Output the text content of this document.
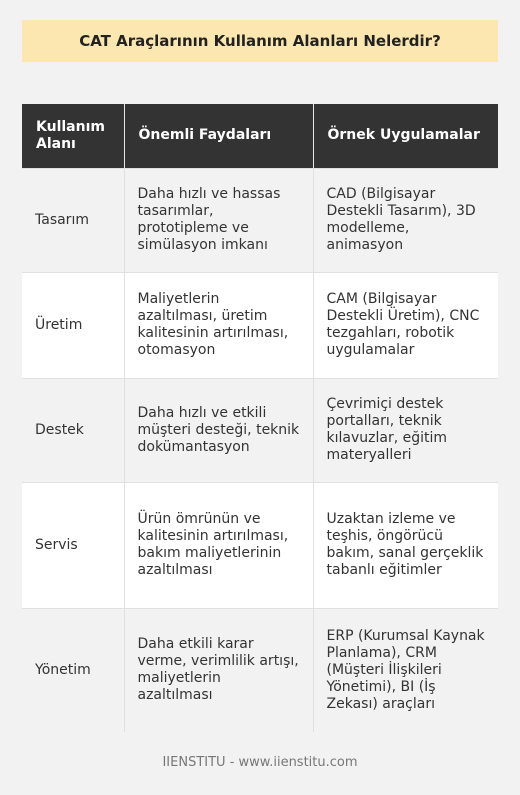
CAT Araçlarının Kullanım Alanları Nelerdir?
Kullanım Alanı	Önemli Faydaları	Örnek Uygulamalar
Tasarım	Daha hızlı ve hassas tasarımlar, prototipleme ve simülasyon imkanı	CAD (Bilgisayar Destekli Tasarım), 3D modelleme, animasyon
Üretim	Maliyetlerin azaltılması, üretim kalitesinin artırılması, otomasyon	CAM (Bilgisayar Destekli Üretim), CNC tezgahları, robotik uygulamalar
Destek	Daha hızlı ve etkili müşteri desteği, teknik dokümantasyon	Çevrimiçi destek portalları, teknik kılavuzlar, eğitim materyalleri
Servis	Ürün ömrünün ve kalitesinin artırılması, bakım maliyetlerinin azaltılması	Uzaktan izleme ve teşhis, öngörücü bakım, sanal gerçeklik tabanlı eğitimler
Yönetim	Daha etkili karar verme, verimlilik artışı, maliyetlerin azaltılması	ERP (Kurumsal Kaynak Planlama), CRM (Müşteri İlişkileri Yönetimi), BI (İş Zekası) araçları
IIENSTITU - www.iienstitu.com
